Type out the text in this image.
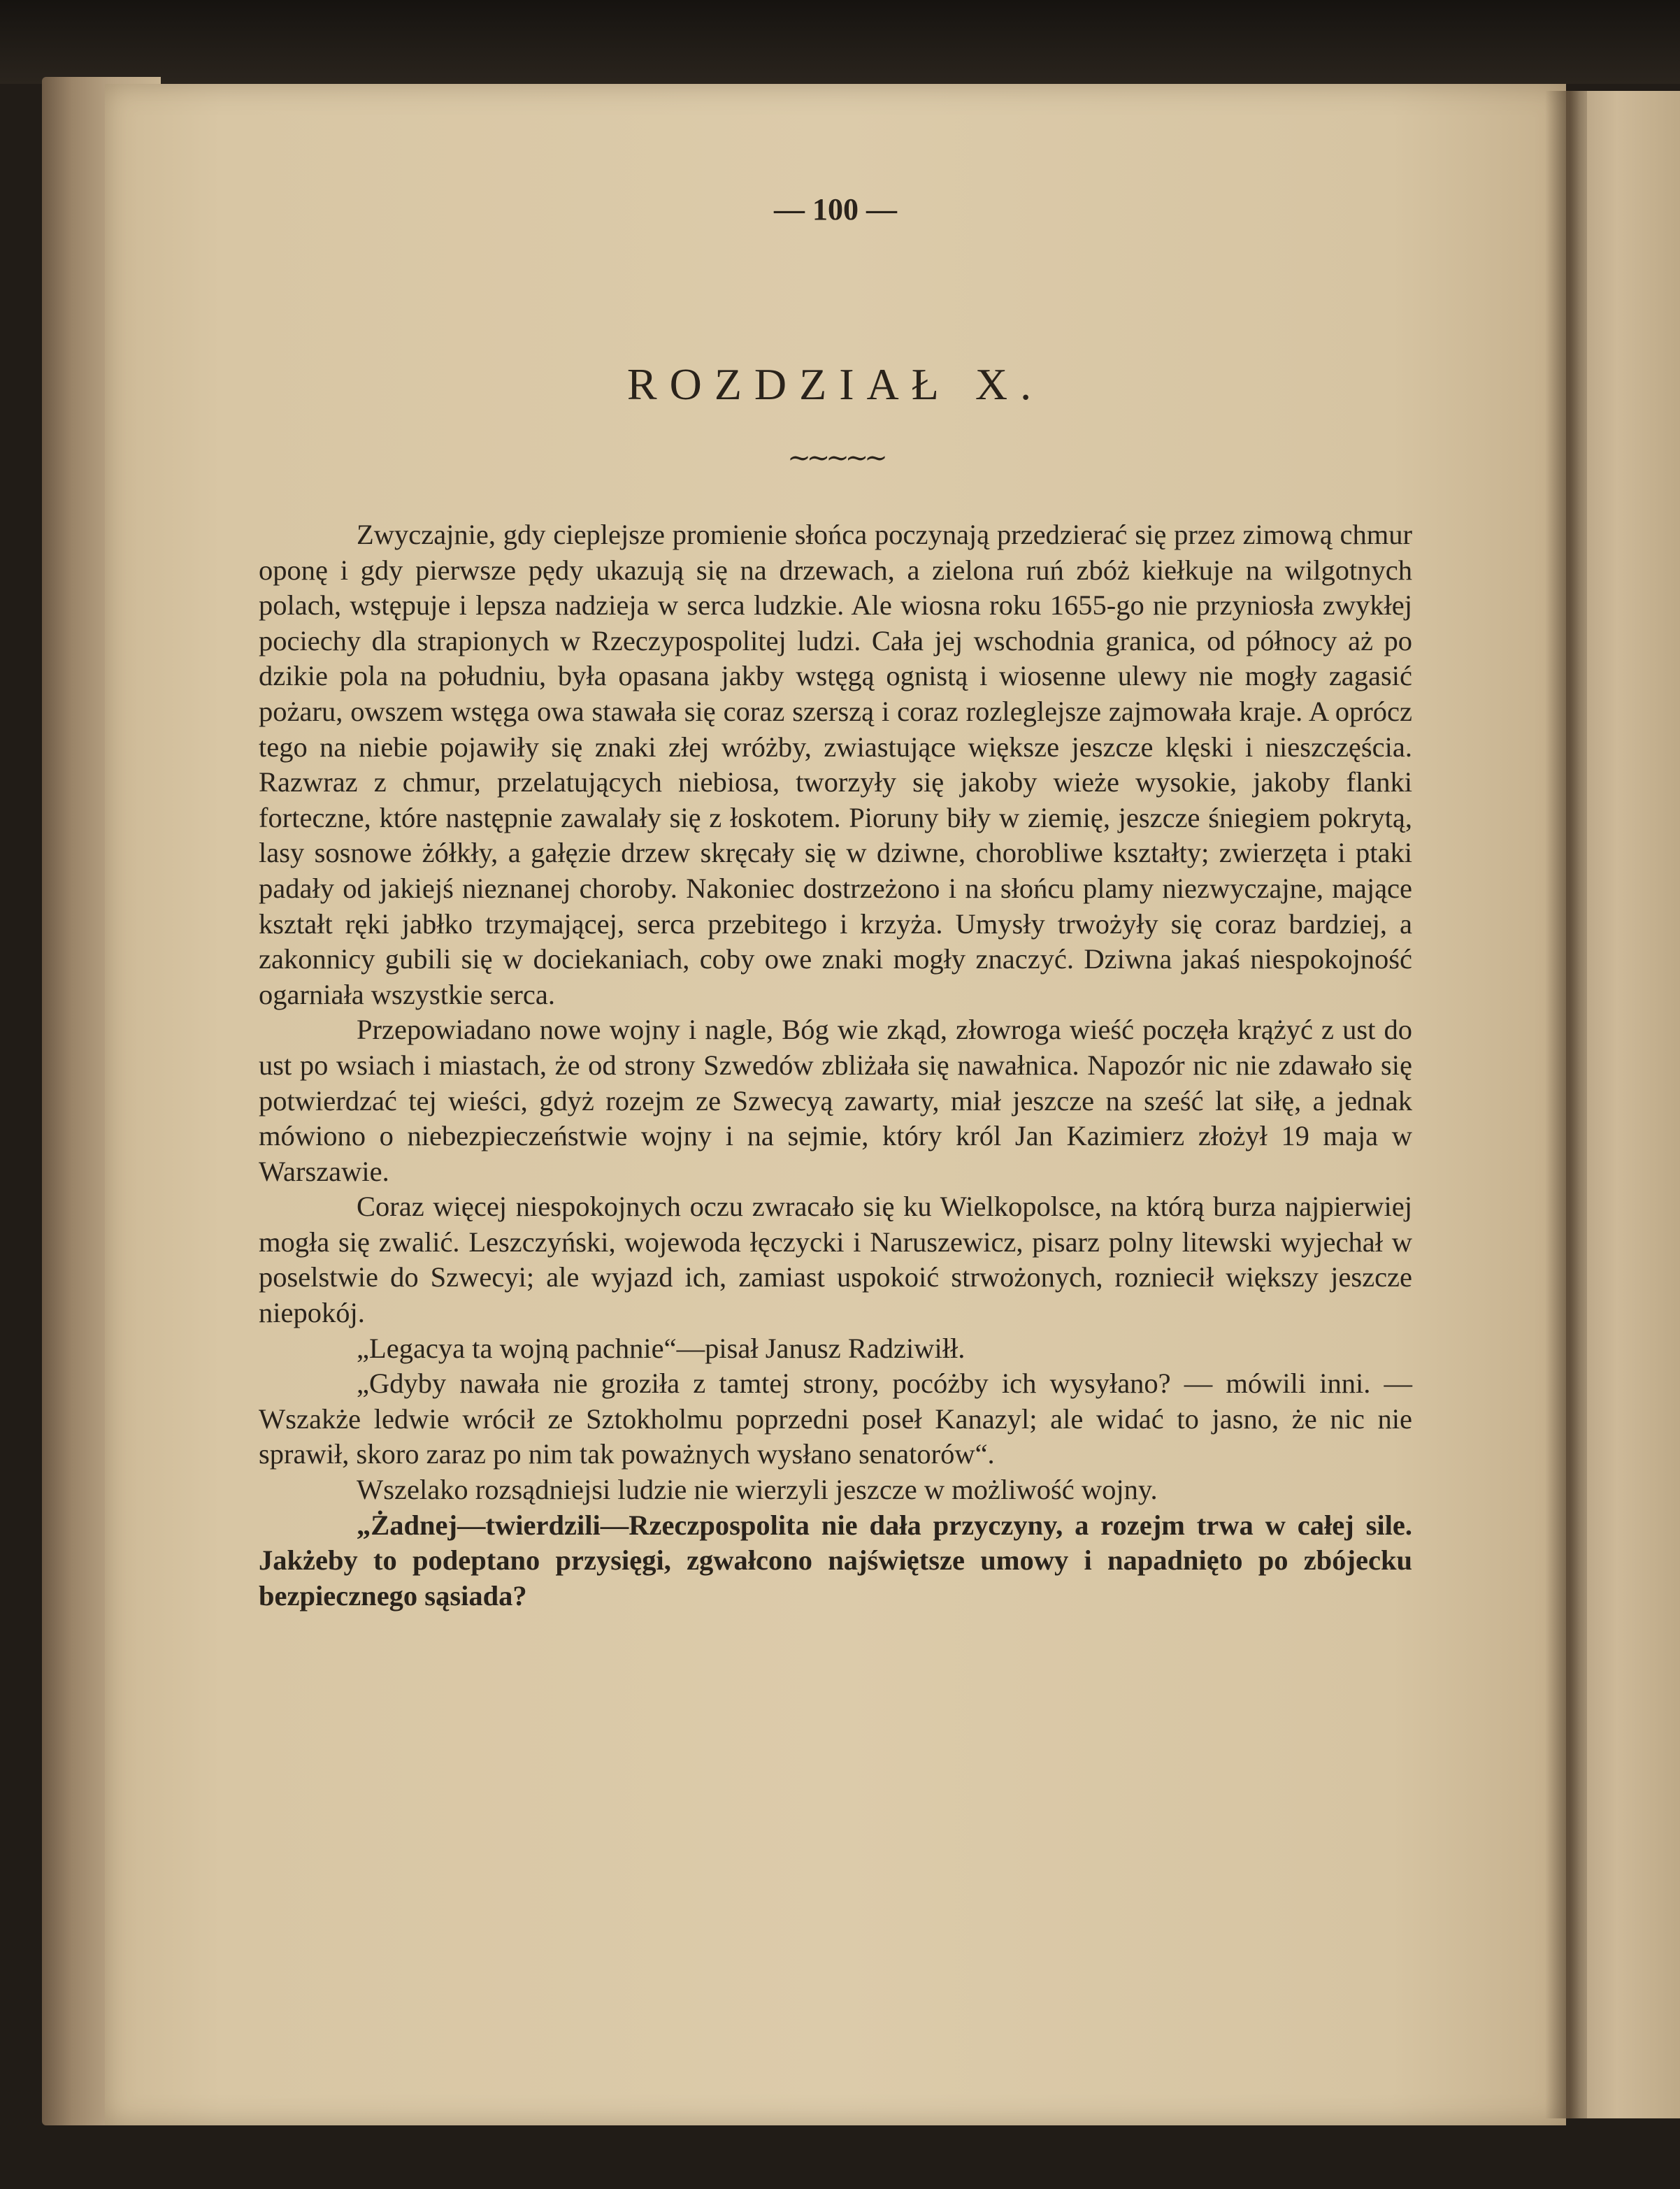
— 100 —
ROZDZIAŁ X.
~~~~~

Zwyczajnie, gdy cieplejsze promienie słońca poczynają przedzierać się przez zimową chmur oponę i gdy pierwsze pędy ukazują się na drzewach, a zielona ruń zbóż kiełkuje na wilgotnych polach, wstępuje i lepsza nadzieja w serca ludzkie. Ale wiosna roku 1655-go nie przyniosła zwykłej pociechy dla strapionych w Rzeczypospolitej ludzi. Cała jej wschodnia granica, od północy aż po dzikie pola na południu, była opasana jakby wstęgą ognistą i wiosenne ulewy nie mogły zagasić pożaru, owszem wstęga owa stawała się coraz szerszą i coraz rozleglejsze zajmowała kraje. A oprócz tego na niebie pojawiły się znaki złej wróżby, zwiastujące większe jeszcze klęski i nieszczęścia. Razwraz z chmur, przelatujących niebiosa, tworzyły się jakoby wieże wysokie, jakoby flanki forteczne, które następnie zawalały się z łoskotem. Pioruny biły w ziemię, jeszcze śniegiem pokrytą, lasy sosnowe żółkły, a gałęzie drzew skręcały się w dziwne, chorobliwe kształty; zwierzęta i ptaki padały od jakiejś nieznanej choroby. Nakoniec dostrzeżono i na słońcu plamy niezwyczajne, mające kształt ręki jabłko trzymającej, serca przebitego i krzyża. Umysły trwożyły się coraz bardziej, a zakonnicy gubili się w dociekaniach, coby owe znaki mogły znaczyć. Dziwna jakaś niespokojność ogarniała wszystkie serca.

Przepowiadano nowe wojny i nagle, Bóg wie zkąd, złowroga wieść poczęła krążyć z ust do ust po wsiach i miastach, że od strony Szwedów zbliżała się nawałnica. Napozór nic nie zdawało się potwierdzać tej wieści, gdyż rozejm ze Szwecyą zawarty, miał jeszcze na sześć lat siłę, a jednak mówiono o niebezpieczeństwie wojny i na sejmie, który król Jan Kazimierz złożył 19 maja w Warszawie.

Coraz więcej niespokojnych oczu zwracało się ku Wielkopolsce, na którą burza najpierwiej mogła się zwalić. Leszczyński, wojewoda łęczycki i Naruszewicz, pisarz polny litewski wyjechał w poselstwie do Szwecyi; ale wyjazd ich, zamiast uspokoić strwożonych, rozniecił większy jeszcze niepokój.

„Legacya ta wojną pachnie“—pisał Janusz Radziwiłł.

„Gdyby nawała nie groziła z tamtej strony, pocóżby ich wysyłano? — mówili inni. — Wszakże ledwie wrócił ze Sztokholmu poprzedni poseł Kanazyl; ale widać to jasno, że nic nie sprawił, skoro zaraz po nim tak poważnych wysłano senatorów“.

Wszelako rozsądniejsi ludzie nie wierzyli jeszcze w możliwość wojny.

„Żadnej—twierdzili—Rzeczpospolita nie dała przyczyny, a rozejm trwa w całej sile. Jakżeby to podeptano przysięgi, zgwałcono najświętsze umowy i napadnięto po zbójecku bezpiecznego sąsiada?
